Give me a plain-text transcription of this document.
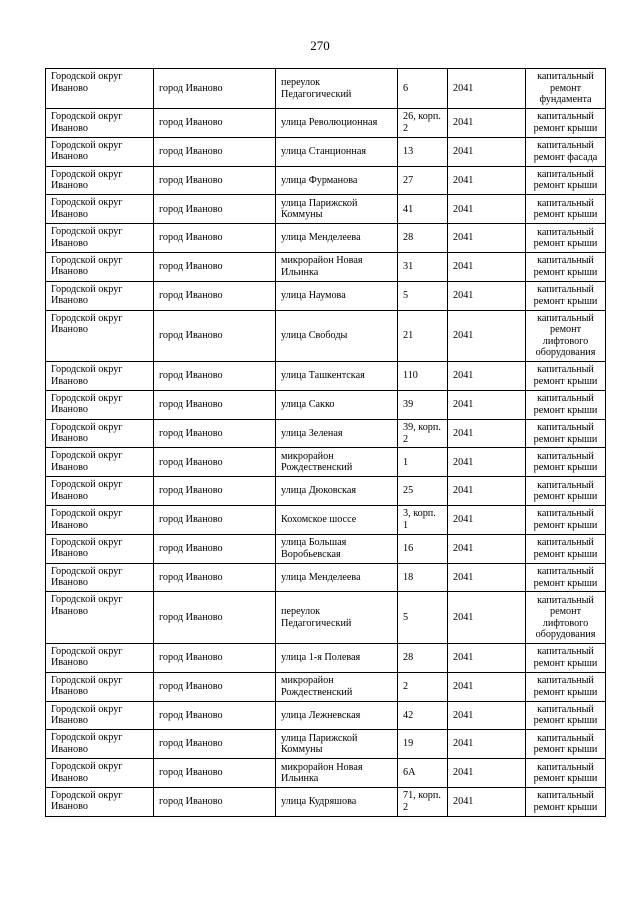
270
Городской округ Иваново	город Иваново	переулок Педагогический	6	2041	капитальный ремонт фундамента
Городской округ Иваново	город Иваново	улица Революционная	26, корп. 2	2041	капитальный ремонт крыши
Городской округ Иваново	город Иваново	улица Станционная	13	2041	капитальный ремонт фасада
Городской округ Иваново	город Иваново	улица Фурманова	27	2041	капитальный ремонт крыши
Городской округ Иваново	город Иваново	улица Парижской Коммуны	41	2041	капитальный ремонт крыши
Городской округ Иваново	город Иваново	улица Менделеева	28	2041	капитальный ремонт крыши
Городской округ Иваново	город Иваново	микрорайон Новая Ильинка	31	2041	капитальный ремонт крыши
Городской округ Иваново	город Иваново	улица Наумова	5	2041	капитальный ремонт крыши
Городской округ Иваново	город Иваново	улица Свободы	21	2041	капитальный ремонт лифтового оборудования
Городской округ Иваново	город Иваново	улица Ташкентская	110	2041	капитальный ремонт крыши
Городской округ Иваново	город Иваново	улица Сакко	39	2041	капитальный ремонт крыши
Городской округ Иваново	город Иваново	улица Зеленая	39, корп. 2	2041	капитальный ремонт крыши
Городской округ Иваново	город Иваново	микрорайон Рождественский	1	2041	капитальный ремонт крыши
Городской округ Иваново	город Иваново	улица Дюковская	25	2041	капитальный ремонт крыши
Городской округ Иваново	город Иваново	Кохомское шоссе	3, корп. 1	2041	капитальный ремонт крыши
Городской округ Иваново	город Иваново	улица Большая Воробьевская	16	2041	капитальный ремонт крыши
Городской округ Иваново	город Иваново	улица Менделеева	18	2041	капитальный ремонт крыши
Городской округ Иваново	город Иваново	переулок Педагогический	5	2041	капитальный ремонт лифтового оборудования
Городской округ Иваново	город Иваново	улица 1-я Полевая	28	2041	капитальный ремонт крыши
Городской округ Иваново	город Иваново	микрорайон Рождественский	2	2041	капитальный ремонт крыши
Городской округ Иваново	город Иваново	улица Лежневская	42	2041	капитальный ремонт крыши
Городской округ Иваново	город Иваново	улица Парижской Коммуны	19	2041	капитальный ремонт крыши
Городской округ Иваново	город Иваново	микрорайон Новая Ильинка	6А	2041	капитальный ремонт крыши
Городской округ Иваново	город Иваново	улица Кудряшова	71, корп. 2	2041	капитальный ремонт крыши
